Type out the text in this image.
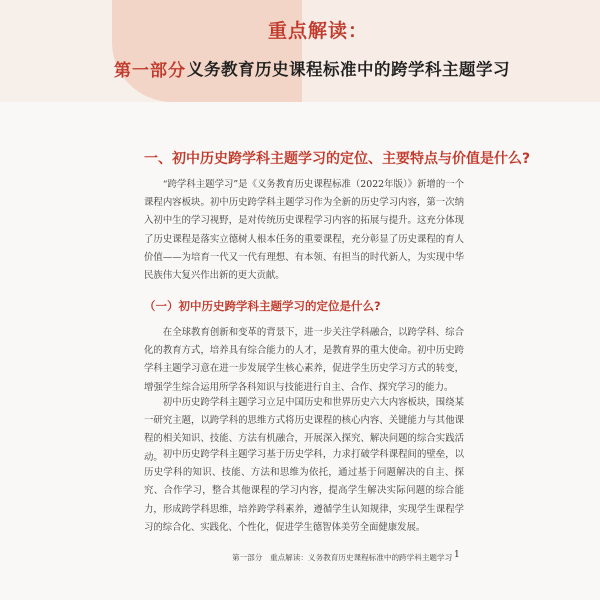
重点解读：
第一部分 义务教育历史课程标准中的跨学科主题学习
一、初中历史跨学科主题学习的定位、主要特点与价值是什么?

“跨学科主题学习”是《义务教育历史课程标准（2022年版）》新增的一个课程内容板块。初中历史跨学科主题学习作为全新的历史学习内容，第一次纳入初中生的学习视野，是对传统历史课程学习内容的拓展与提升。这充分体现了历史课程是落实立德树人根本任务的重要课程，充分彰显了历史课程的育人价值——为培育一代又一代有理想、有本领、有担当的时代新人，为实现中华民族伟大复兴作出新的更大贡献。

（一）初中历史跨学科主题学习的定位是什么?

在全球教育创新和变革的背景下，进一步关注学科融合，以跨学科、综合化的教育方式，培养具有综合能力的人才，是教育界的重大使命。初中历史跨学科主题学习意在进一步发展学生核心素养，促进学生历史学习方式的转变，增强学生综合运用所学各科知识与技能进行自主、合作、探究学习的能力。

初中历史跨学科主题学习立足中国历史和世界历史六大内容板块，围绕某一研究主题，以跨学科的思维方式将历史课程的核心内容、关键能力与其他课程的相关知识、技能、方法有机融合，开展深入探究、解决问题的综合实践活动。 初中历史跨学科主题学习基于历史学科，力求打破学科课程间的壁垒，以历史学科的知识、技能、方法和思维为依托，通过基于问题解决的自主、探究、合作学习，整合其他课程的学习内容，提高学生解决实际问题的综合能力，形成跨学科思维，培养跨学科素养，遵循学生认知规律，实现学生课程学习的综合化、实践化、个性化，促进学生德智体美劳全面健康发展。

第一部分　重点解读：义务教育历史课程标准中的跨学科主题学习 1
